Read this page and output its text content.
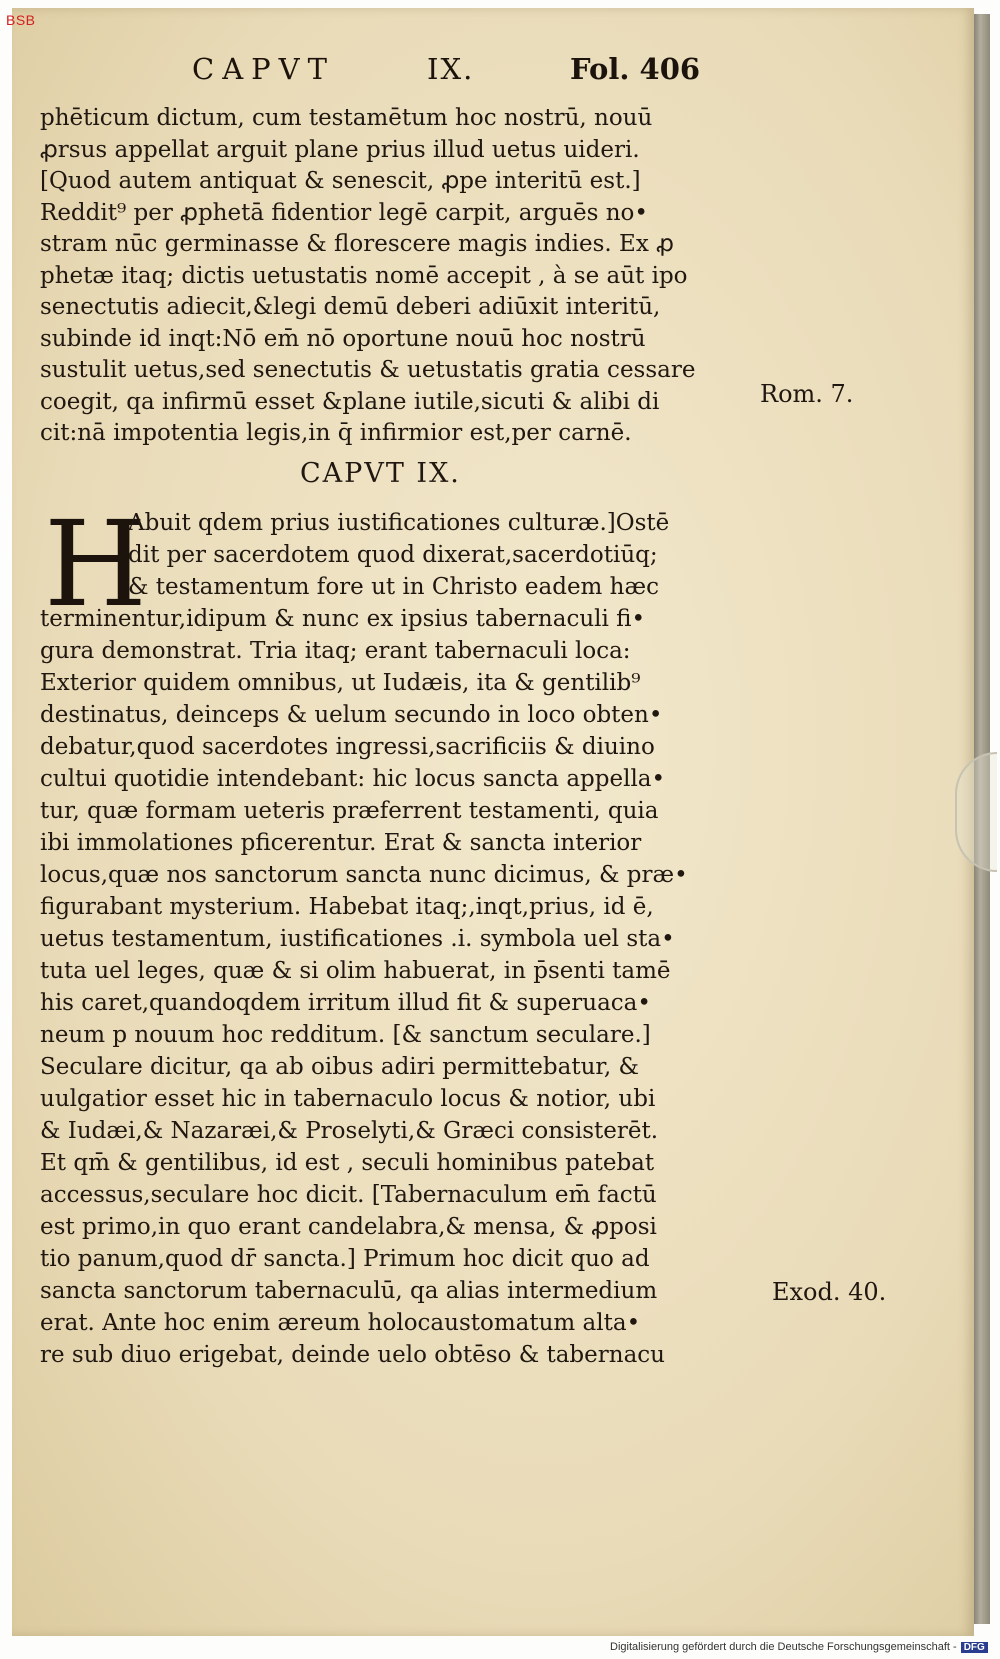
BSB
CAPVT	IX.	Fol. 406
phēticum dictum, cum testamētum hoc nostrū, nouū
ꝓrsus appellat arguit plane prius illud uetus uideri.
[Quod autem antiquat & senescit, ꝓpe interitū est.]
Reddit⁹ per ꝓphetā fidentior legē carpit, arguēs no•
stram nūc germinasse & florescere magis indies. Ex ꝓ
phetæ itaq; dictis uetustatis nomē accepit , à se aūt ipo
senectutis adiecit,&legi demū deberi adiūxit interitū,
subinde id inqt:Nō em̄ nō oportune nouū hoc nostrū
sustulit uetus,sed senectutis & uetustatis gratia cessare
coegit, qa infirmū esset &plane iutile,sicuti & alibi di
cit:nā impotentia legis,in q̄ infirmior est,per carnē.
CAPVT IX.
H
Abuit qdem prius iustificationes culturæ.]Ostē
dit per sacerdotem quod dixerat,sacerdotiūq;
& testamentum fore ut in Christo eadem hæc
terminentur,idipum & nunc ex ipsius tabernaculi fi•
gura demonstrat. Tria itaq; erant tabernaculi loca:
Exterior quidem omnibus, ut Iudæis, ita & gentilib⁹
destinatus, deinceps & uelum secundo in loco obten•
debatur,quod sacerdotes ingressi,sacrificiis & diuino
cultui quotidie intendebant: hic locus sancta appella•
tur, quæ formam ueteris præferrent testamenti, quia
ibi immolationes pficerentur. Erat & sancta interior
locus,quæ nos sanctorum sancta nunc dicimus, & præ•
figurabant mysterium. Habebat itaq;,inqt,prius, id ē,
uetus testamentum, iustificationes .i. symbola uel sta•
tuta uel leges, quæ & si olim habuerat, in p̄senti tamē
his caret,quandoqdem irritum illud fit & superuaca•
neum p nouum hoc redditum. [& sanctum seculare.]
Seculare dicitur, qa ab oibus adiri permittebatur, &
uulgatior esset hic in tabernaculo locus & notior, ubi
& Iudæi,& Nazaræi,& Proselyti,& Græci consisterēt.
Et qm̄ & gentilibus, id est , seculi hominibus patebat
accessus,seculare hoc dicit. [Tabernaculum em̄ factū
est primo,in quo erant candelabra,& mensa, & ꝓposi
tio panum,quod dr̄ sancta.] Primum hoc dicit quo ad
sancta sanctorum tabernaculū, qa alias intermedium
erat. Ante hoc enim æreum holocaustomatum alta•
re sub diuo erigebat, deinde uelo obtēso & tabernacu
Rom. 7.
Exod. 40.
Digitalisierung gefördert durch die Deutsche Forschungsgemeinschaft - DFG
